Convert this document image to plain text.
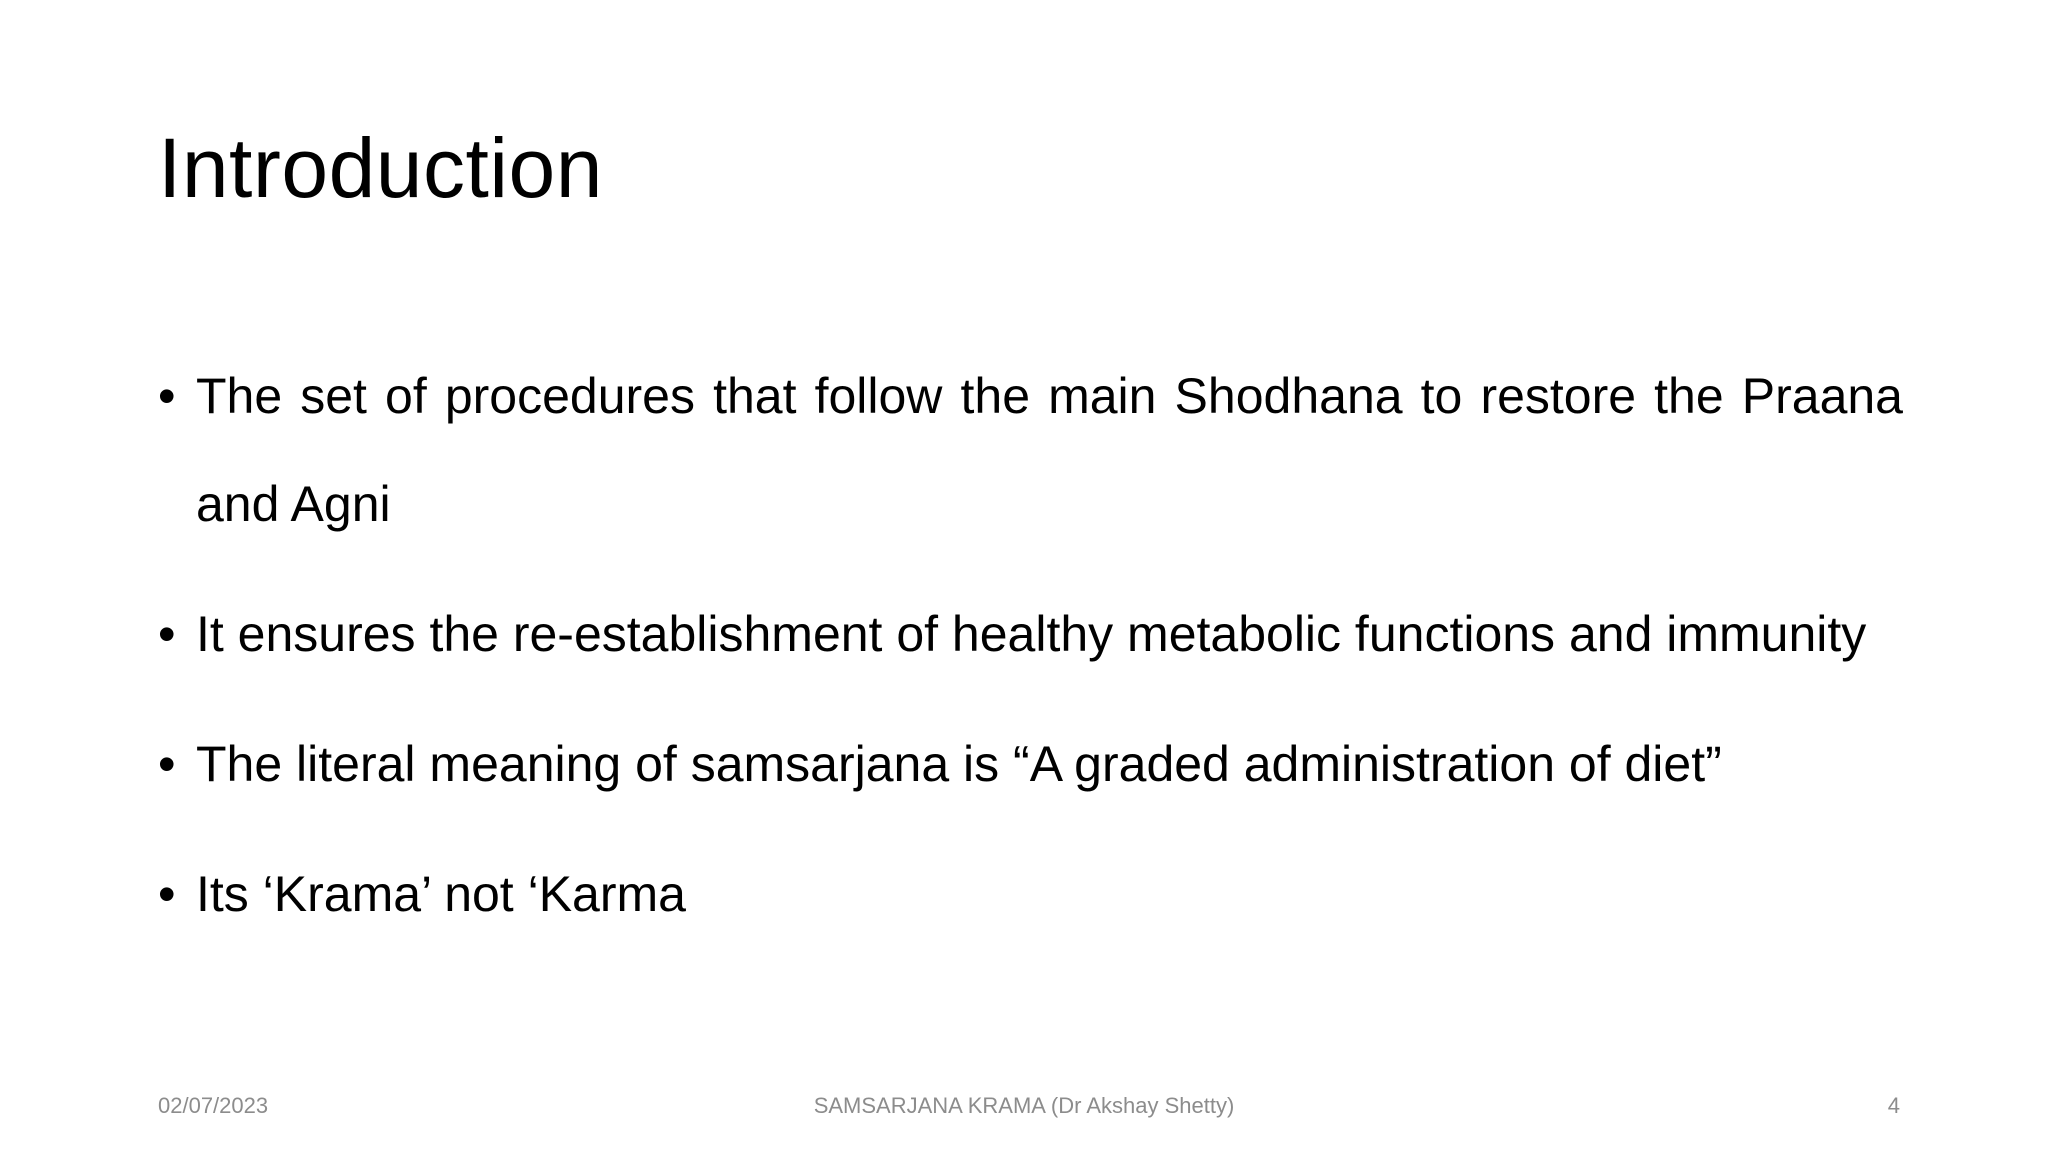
Introduction
• The set of procedures that follow the main Shodhana to restore the Praana and Agni
• It ensures the re-establishment of healthy metabolic functions and immunity
• The literal meaning of samsarjana is “A graded administration of diet”
• Its ‘Krama’ not ‘Karma
02/07/2023	SAMSARJANA KRAMA (Dr Akshay Shetty)	4
